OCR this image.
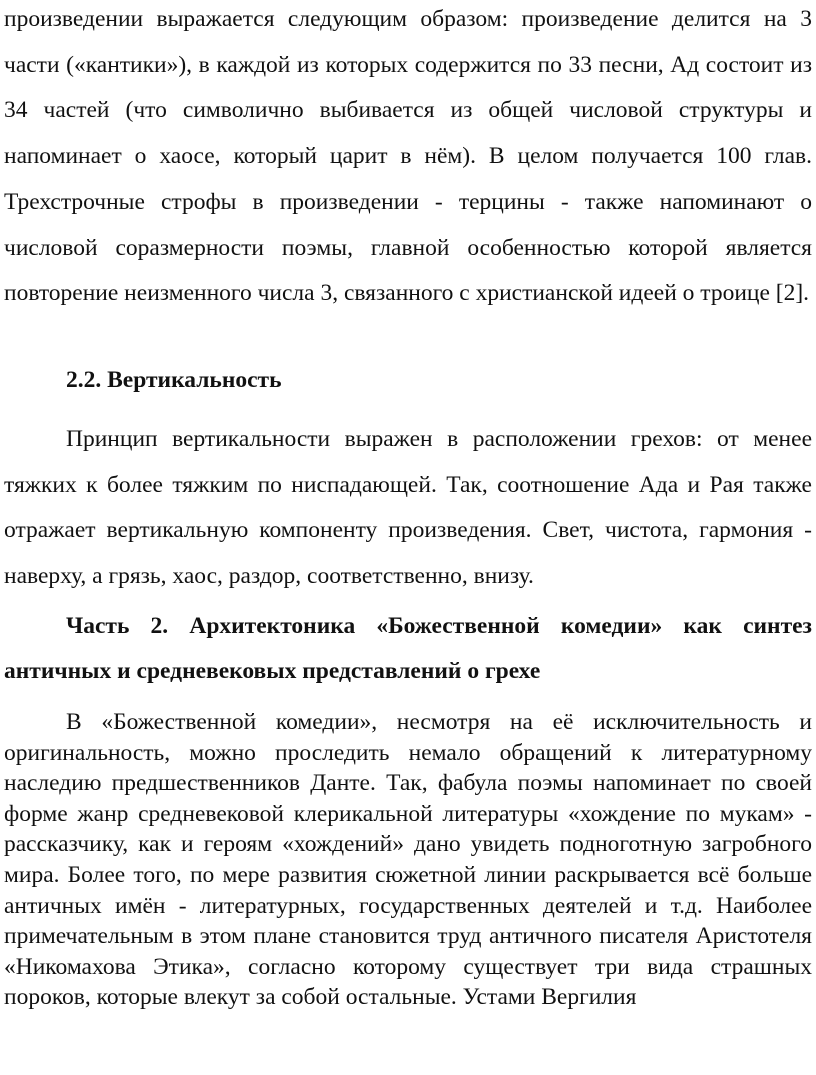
произведении выражается следующим образом: произведение делится на 3 части («кантики»), в каждой из которых содержится по 33 песни, Ад состоит из 34 частей (что символично выбивается из общей числовой структуры и напоминает о хаосе, который царит в нём). В целом получается 100 глав. Трехстрочные строфы в произведении - терцины - также напоминают о числовой соразмерности поэмы, главной особенностью которой является повторение неизменного числа 3, связанного с христианской идеей о троице [2].

2.2. Вертикальность

Принцип вертикальности выражен в расположении грехов: от менее тяжких к более тяжким по ниспадающей. Так, соотношение Ада и Рая также отражает вертикальную компоненту произведения. Свет, чистота, гармония - наверху, а грязь, хаос, раздор, соответственно, внизу.

Часть 2. Архитектоника «Божественной комедии» как синтез античных и средневековых представлений о грехе

В «Божественной комедии», несмотря на её исключительность и оригинальность, можно проследить немало обращений к литературному наследию предшественников Данте. Так, фабула поэмы напоминает по своей форме жанр средневековой клерикальной литературы «хождение по мукам» - рассказчику, как и героям «хождений» дано увидеть подноготную загробного мира. Более того, по мере развития сюжетной линии раскрывается всё больше античных имён - литературных, государственных деятелей и т.д. Наиболее примечательным в этом плане становится труд античного писателя Аристотеля «Никомахова Этика», согласно которому существует три вида страшных пороков, которые влекут за собой остальные. Устами Вергилия
